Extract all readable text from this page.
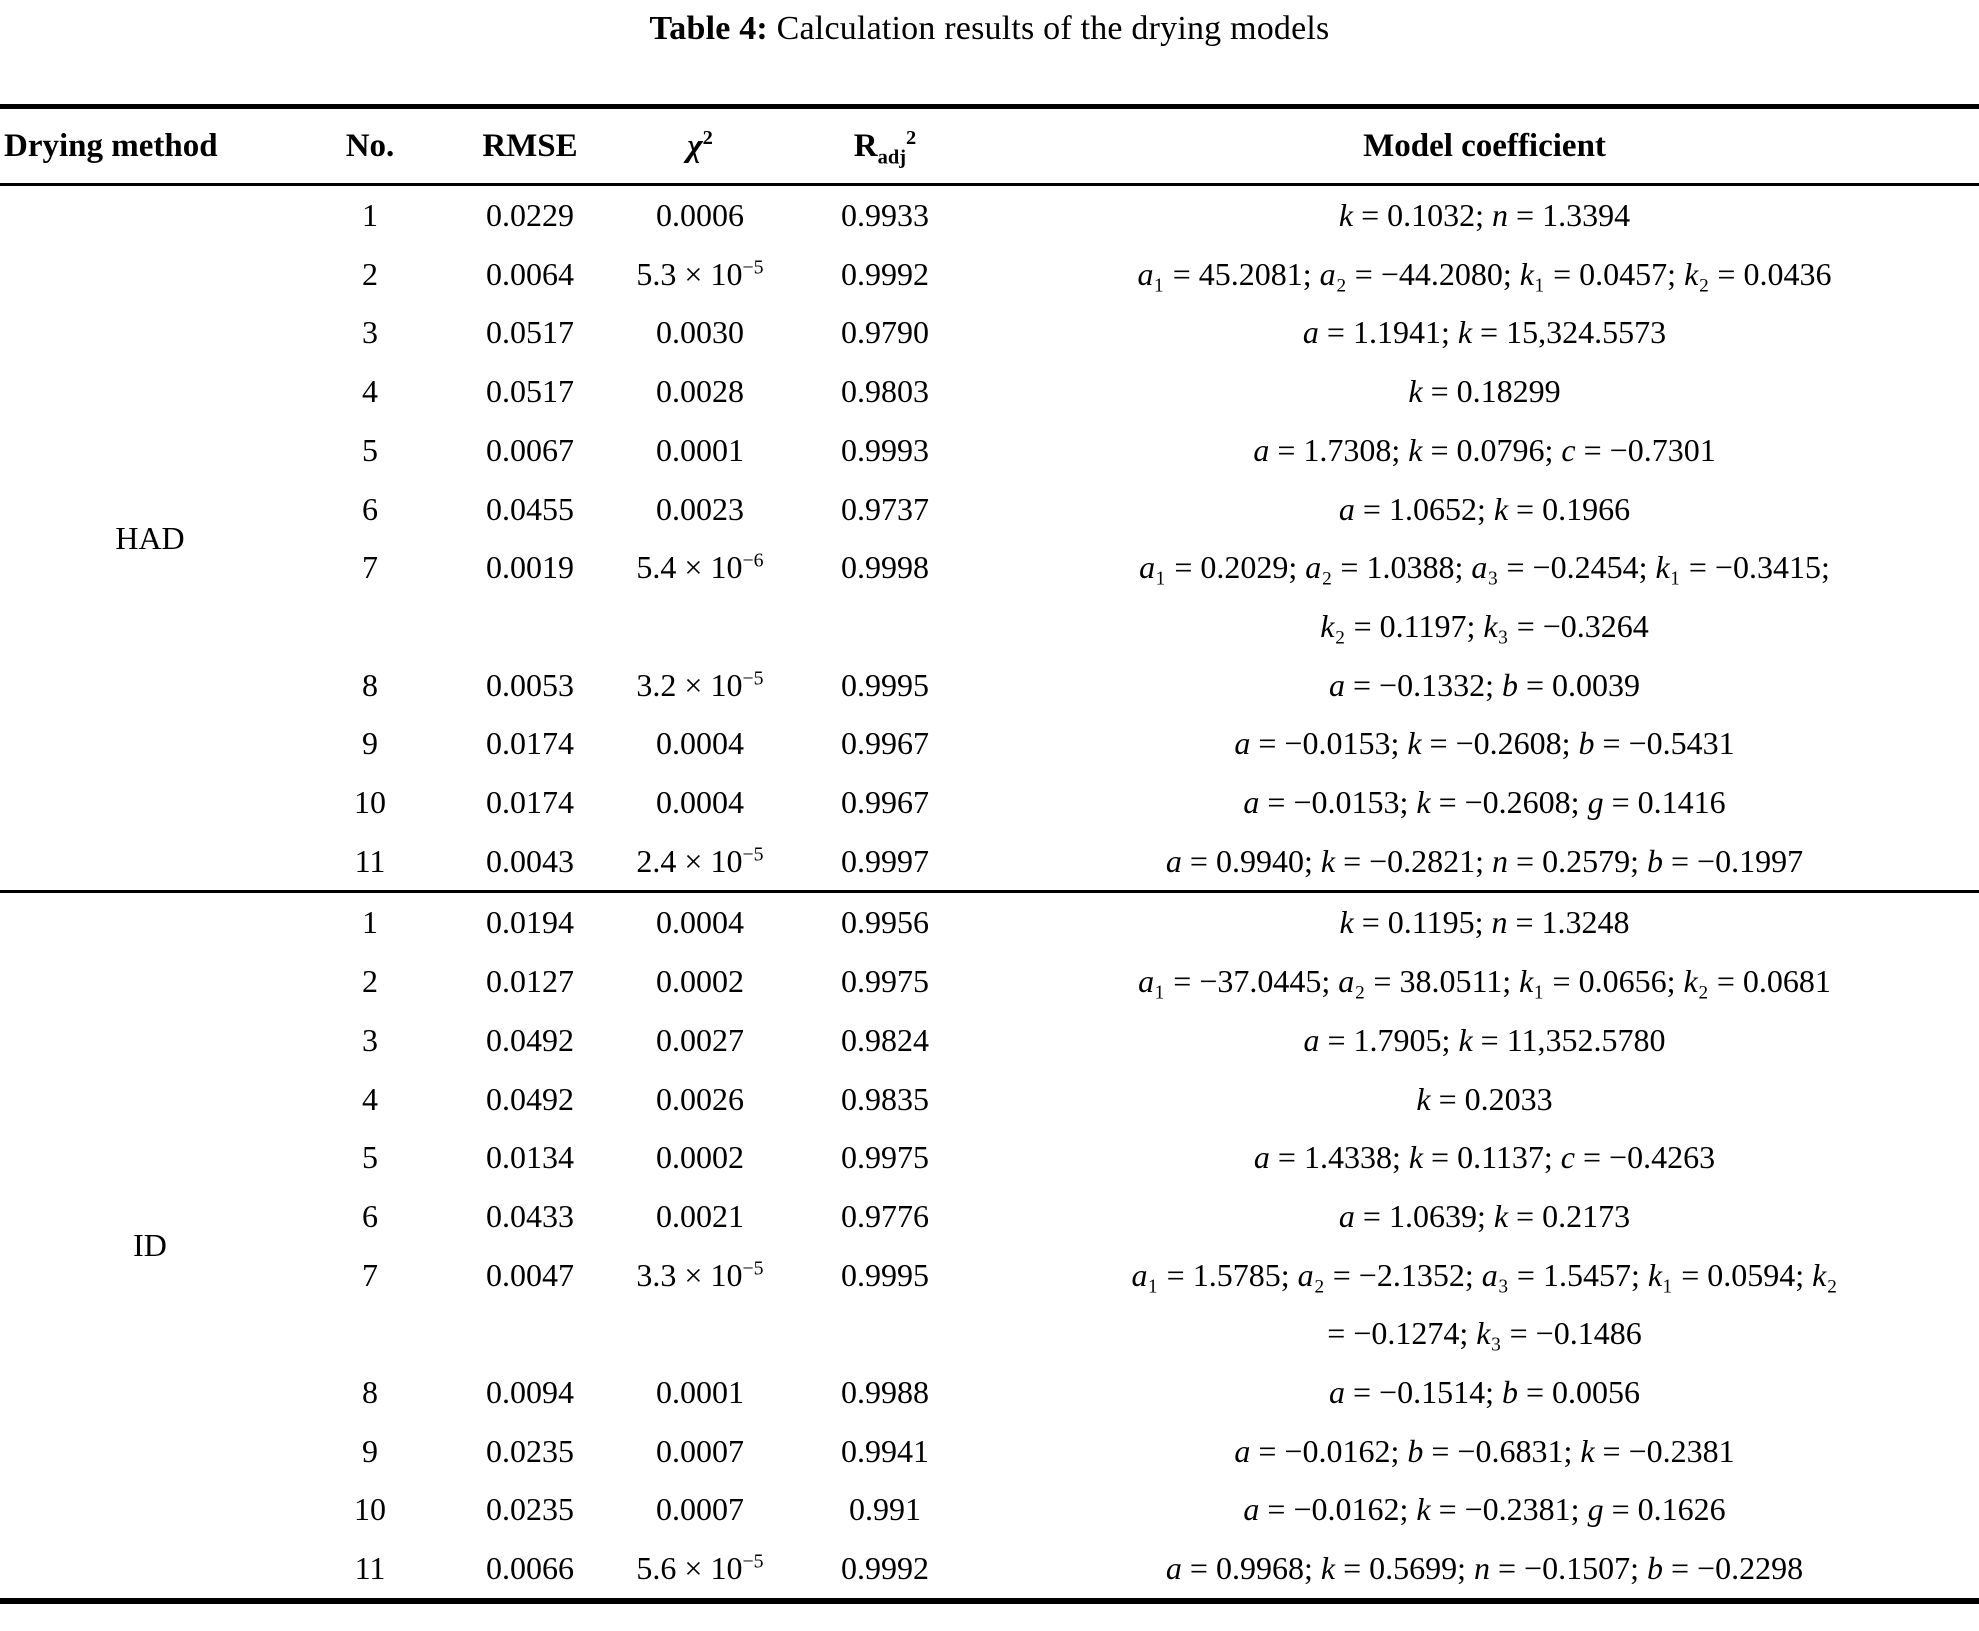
Table 4: Calculation results of the drying models
Drying method	No.	RMSE	$\chi^2$	$R_{adj}^2$	Model coefficient
HAD	1	0.0229	0.0006	0.9933	k = 0.1032; n = 1.3394

	2	0.0064	$5.3 \times 10^{-5}$	0.9992	a₁ = 45.2081; a₂ = −44.2080; k₁ = 0.0457; k₂ = 0.0436

	3	0.0517	0.0030	0.9790	a = 1.1941; k = 15,324.5573

	4	0.0517	0.0028	0.9803	k = 0.18299

	5	0.0067	0.0001	0.9993	a = 1.7308; k = 0.0796; c = −0.7301

	6	0.0455	0.0023	0.9737	a = 1.0652; k = 0.1966

	7	0.0019	$5.4 \times 10^{-6}$	0.9998	a₁ = 0.2029; a₂ = 1.0388; a₃ = −0.2454; k₁ = −0.3415;
k₂ = 0.1197; k₃ = −0.3264

	8	0.0053	$3.2 \times 10^{-5}$	0.9995	a = −0.1332; b = 0.0039

	9	0.0174	0.0004	0.9967	a = −0.0153; k = −0.2608; b = −0.5431

	10	0.0174	0.0004	0.9967	a = −0.0153; k = −0.2608; g = 0.1416

	11	0.0043	$2.4 \times 10^{-5}$	0.9997	a = 0.9940; k = −0.2821; n = 0.2579; b = −0.1997

ID	1	0.0194	0.0004	0.9956	k = 0.1195; n = 1.3248

	2	0.0127	0.0002	0.9975	a₁ = −37.0445; a₂ = 38.0511; k₁ = 0.0656; k₂ = 0.0681

	3	0.0492	0.0027	0.9824	a = 1.7905; k = 11,352.5780

	4	0.0492	0.0026	0.9835	k = 0.2033

	5	0.0134	0.0002	0.9975	a = 1.4338; k = 0.1137; c = −0.4263

	6	0.0433	0.0021	0.9776	a = 1.0639; k = 0.2173

	7	0.0047	$3.3 \times 10^{-5}$	0.9995	a₁ = 1.5785; a₂ = −2.1352; a₃ = 1.5457; k₁ = 0.0594; k₂
= −0.1274; k₃ = −0.1486

	8	0.0094	0.0001	0.9988	a = −0.1514; b = 0.0056

	9	0.0235	0.0007	0.9941	a = −0.0162; b = −0.6831; k = −0.2381

	10	0.0235	0.0007	0.991	a = −0.0162; k = −0.2381; g = 0.1626

	11	0.0066	$5.6 \times 10^{-5}$	0.9992	a = 0.9968; k = 0.5699; n = −0.1507; b = −0.2298
